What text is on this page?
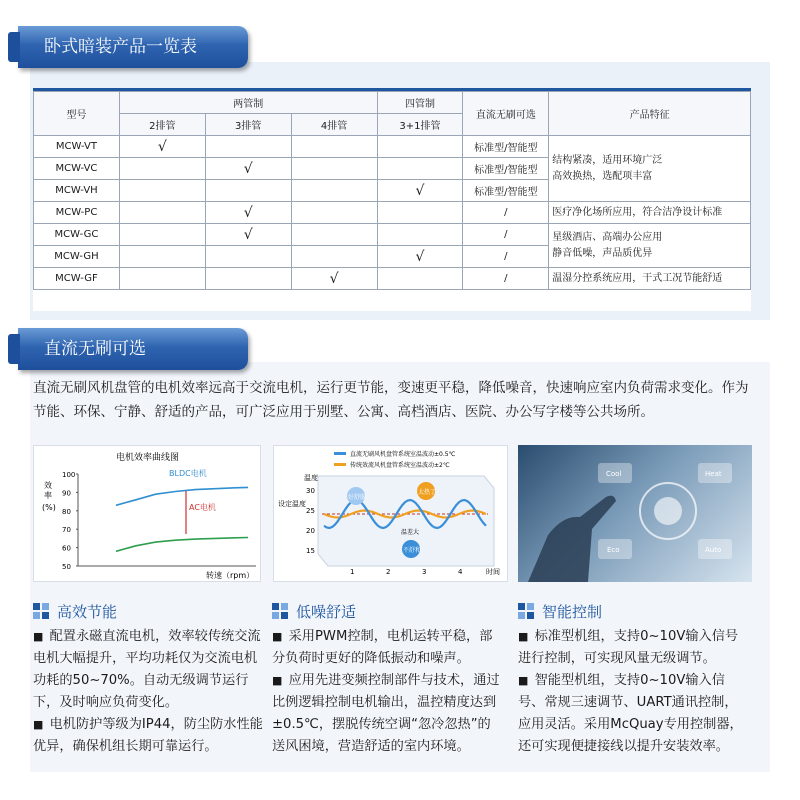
卧式暗装产品一览表
型号	两管制			四管制	直流无刷可选	产品特征
	2排管	3排管	4排管	3+1排管		
MCW-VT	√				标准型/智能型	结构紧凑，适用环境广泛
高效换热，选配项丰富

MCW-VC		√			标准型/智能型	
MCW-VH				√	标准型/智能型	
MCW-PC		√			/	医疗净化场所应用，符合洁净设计标准
MCW-GC		√			/	星级酒店、高端办公应用
静音低噪，声品质优异

MCW-GH				√	/	
MCW-GF			√		/	温湿分控系统应用，干式工况节能舒适
直流无刷可选
直流无刷风机盘管的电机效率远高于交流电机，运行更节能，变速更平稳，降低噪音，快速响应室内负荷需求变化。作为节能、环保、宁静、舒适的产品，可广泛应用于别墅、公寓、高档酒店、医院、办公写字楼等公共场所。
电机效率曲线图
效率(%)
100
90
80
70
60
50
BLDC电机
AC电机
转速（rpm）
直流无刷风机盘管系统室温波动±0.5℃
传统效流风机盘管系统室温波动±2℃
温度
设定温度
30
25
20
15
1	2	3	4	时间
温差大
好舒服
太热了
不舒和
Cool	Heat
Eco	Auto
高效节能
■ 配置永磁直流电机，效率较传统交流电机大幅提升，平均功耗仅为交流电机功耗的50~70%。自动无级调节运行下，及时响应负荷变化。
■ 电机防护等级为IP44，防尘防水性能优异，确保机组长期可靠运行。
低噪舒适
■ 采用PWM控制，电机运转平稳，部分负荷时更好的降低振动和噪声。
■ 应用先进变频控制部件与技术，通过比例逻辑控制电机输出，温控精度达到±0.5℃，摆脱传统空调“忽冷忽热”的送风困境，营造舒适的室内环境。
智能控制
■ 标准型机组，支持0~10V输入信号进行控制，可实现风量无级调节。
■ 智能型机组，支持0~10V输入信号、常规三速调节、UART通讯控制，应用灵活。采用McQuay专用控制器，还可实现便捷接线以提升安装效率。
